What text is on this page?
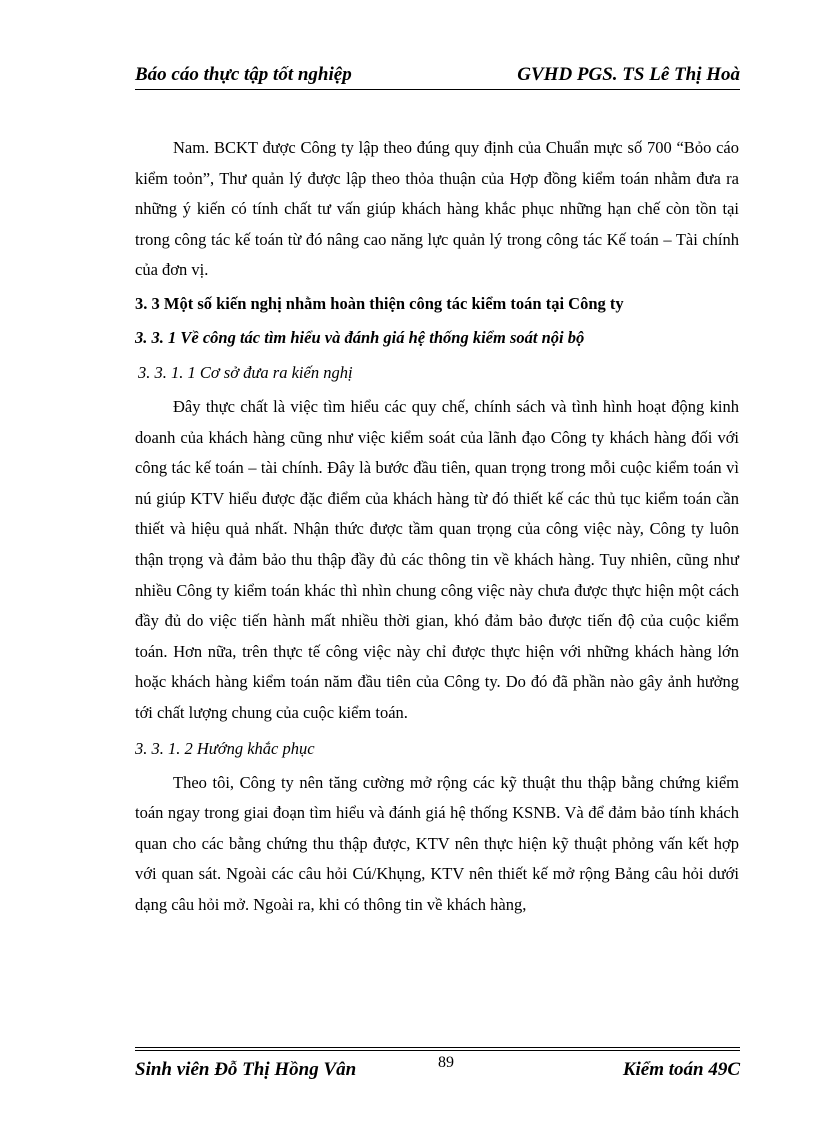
Báo cáo thực tập tốt nghiệp	GVHD PGS. TS Lê Thị Hoà

Nam. BCKT được Công ty lập theo đúng quy định của Chuẩn mực số 700 “Bỏo cáo kiểm toỏn”, Thư quản lý được lập theo thỏa thuận của Hợp đồng kiểm toán nhằm đưa ra những ý kiến có tính chất tư vấn giúp khách hàng khắc phục những hạn chế còn tồn tại trong công tác kế toán từ đó nâng cao năng lực quản lý trong công tác Kế toán – Tài chính của đơn vị.

3. 3 Một số kiến nghị nhằm hoàn thiện công tác kiểm toán tại Công ty
3. 3. 1 Về công tác tìm hiểu và đánh giá hệ thống kiểm soát nội bộ
3. 3. 1. 1 Cơ sở đưa ra kiến nghị

Đây thực chất là việc tìm hiểu các quy chế, chính sách và tình hình hoạt động kinh doanh của khách hàng cũng như việc kiểm soát của lãnh đạo Công ty khách hàng đối với công tác kế toán – tài chính. Đây là bước đầu tiên, quan trọng trong mỗi cuộc kiểm toán vì nú giúp KTV hiểu được đặc điểm của khách hàng từ đó thiết kế các thủ tục kiểm toán cần thiết và hiệu quả nhất. Nhận thức được tầm quan trọng của công việc này, Công ty luôn thận trọng và đảm bảo thu thập đầy đủ các thông tin về khách hàng. Tuy nhiên, cũng như nhiều Công ty kiểm toán khác thì nhìn chung công việc này chưa được thực hiện một cách đầy đủ do việc tiến hành mất nhiều thời gian, khó đảm bảo được tiến độ của cuộc kiểm toán. Hơn nữa, trên thực tế công việc này chỉ được thực hiện với những khách hàng lớn hoặc khách hàng kiểm toán năm đầu tiên của Công ty. Do đó đã phần nào gây ảnh hưởng tới chất lượng chung của cuộc kiểm toán.

3. 3. 1. 2 Hướng khắc phục

Theo tôi, Công ty nên tăng cường mở rộng các kỹ thuật thu thập bằng chứng kiểm toán ngay trong giai đoạn tìm hiểu và đánh giá hệ thống KSNB. Và để đảm bảo tính khách quan cho các bằng chứng thu thập được, KTV nên thực hiện kỹ thuật phỏng vấn kết hợp với quan sát. Ngoài các câu hỏi Cú/Khụng, KTV nên thiết kế mở rộng Bảng câu hỏi dưới dạng câu hỏi mở. Ngoài ra, khi có thông tin về khách hàng,

Sinh viên Đỗ Thị Hồng Vân	89	Kiểm toán 49C
